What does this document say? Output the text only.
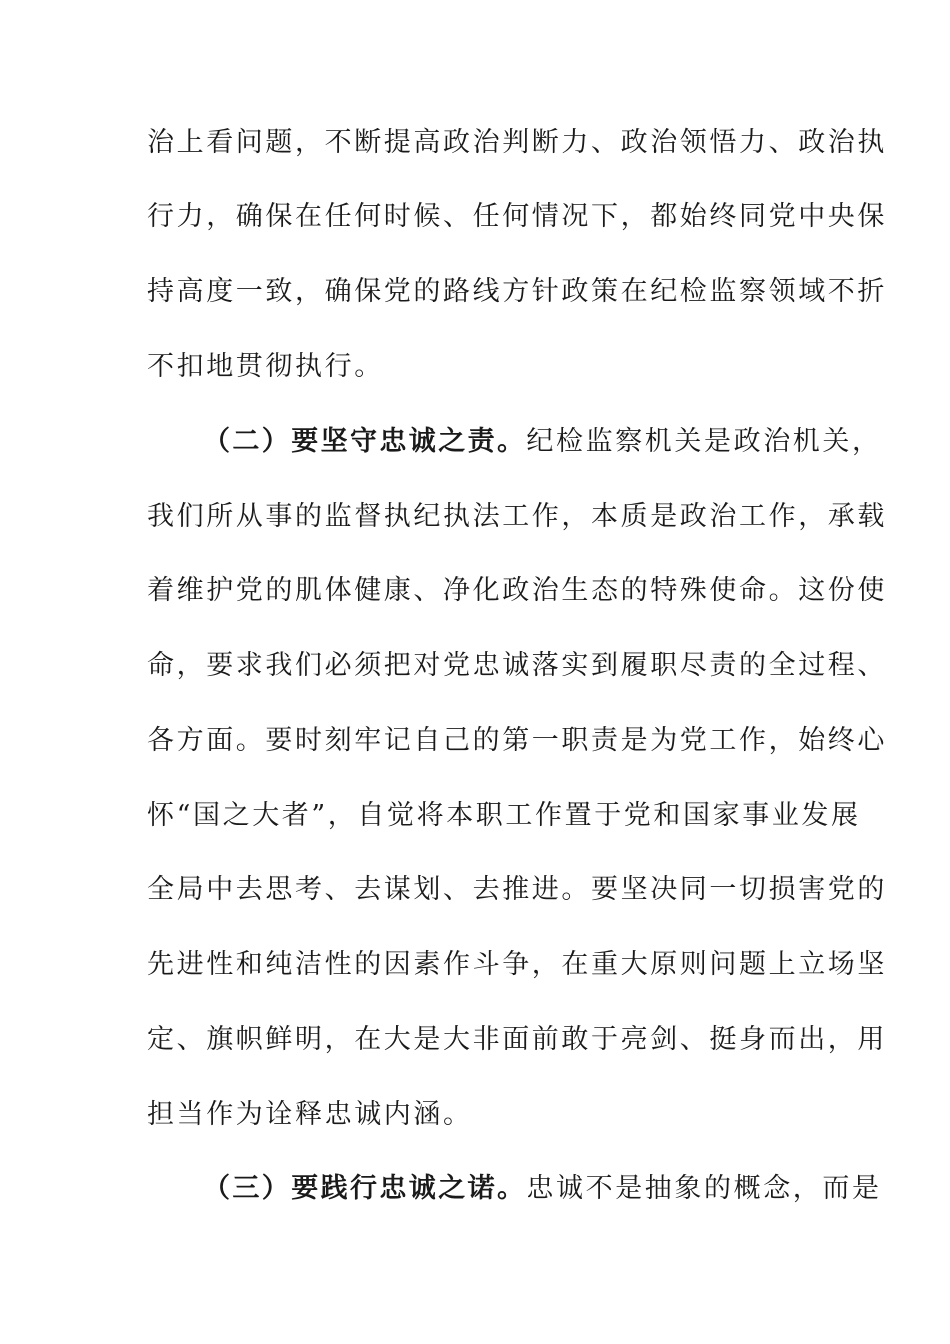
治上看问题，不断提高政治判断力、政治领悟力、政治执
行力，确保在任何时候、任何情况下，都始终同党中央保
持高度一致，确保党的路线方针政策在纪检监察领域不折
不扣地贯彻执行。
（二）要坚守忠诚之责。纪检监察机关是政治机关，
我们所从事的监督执纪执法工作，本质是政治工作，承载
着维护党的肌体健康、净化政治生态的特殊使命。这份使
命，要求我们必须把对党忠诚落实到履职尽责的全过程、
各方面。要时刻牢记自己的第一职责是为党工作，始终心
怀“国之大者”，自觉将本职工作置于党和国家事业发展
全局中去思考、去谋划、去推进。要坚决同一切损害党的
先进性和纯洁性的因素作斗争，在重大原则问题上立场坚
定、旗帜鲜明，在大是大非面前敢于亮剑、挺身而出，用
担当作为诠释忠诚内涵。
（三）要践行忠诚之诺。忠诚不是抽象的概念，而是
